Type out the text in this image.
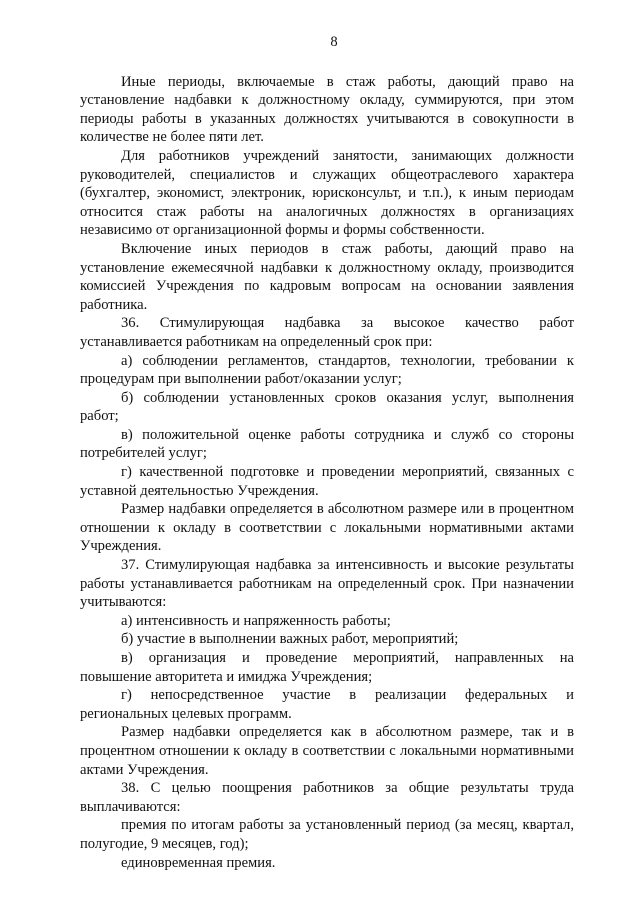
8

Иные периоды, включаемые в стаж работы, дающий право на установление надбавки к должностному окладу, суммируются, при этом периоды работы в указанных должностях учитываются в совокупности в количестве не более пяти лет.

Для работников учреждений занятости, занимающих должности руководителей, специалистов и служащих общеотраслевого характера (бухгалтер, экономист, электроник, юрисконсульт, и т.п.), к иным периодам относится стаж работы на аналогичных должностях в организациях независимо от организационной формы и формы собственности.

Включение иных периодов в стаж работы, дающий право на установление ежемесячной надбавки к должностному окладу, производится комиссией Учреждения по кадровым вопросам на основании заявления работника.

36. Стимулирующая надбавка за высокое качество работ устанавливается работникам на определенный срок при:

а) соблюдении регламентов, стандартов, технологии, требовании к процедурам при выполнении работ/оказании услуг;

б) соблюдении установленных сроков оказания услуг, выполнения работ;

в) положительной оценке работы сотрудника и служб со стороны потребителей услуг;

г) качественной подготовке и проведении мероприятий, связанных с уставной деятельностью Учреждения.

Размер надбавки определяется в абсолютном размере или в процентном отношении к окладу в соответствии с локальными нормативными актами Учреждения.

37. Стимулирующая надбавка за интенсивность и высокие результаты работы устанавливается работникам на определенный срок. При назначении учитываются:

а) интенсивность и напряженность работы;

б) участие в выполнении важных работ, мероприятий;

в) организация и проведение мероприятий, направленных на повышение авторитета и имиджа Учреждения;

г) непосредственное участие в реализации федеральных и региональных целевых программ.

Размер надбавки определяется как в абсолютном размере, так и в процентном отношении к окладу в соответствии с локальными нормативными актами Учреждения.

38. С целью поощрения работников за общие результаты труда выплачиваются:

премия по итогам работы за установленный период (за месяц, квартал, полугодие, 9 месяцев, год);

единовременная премия.
